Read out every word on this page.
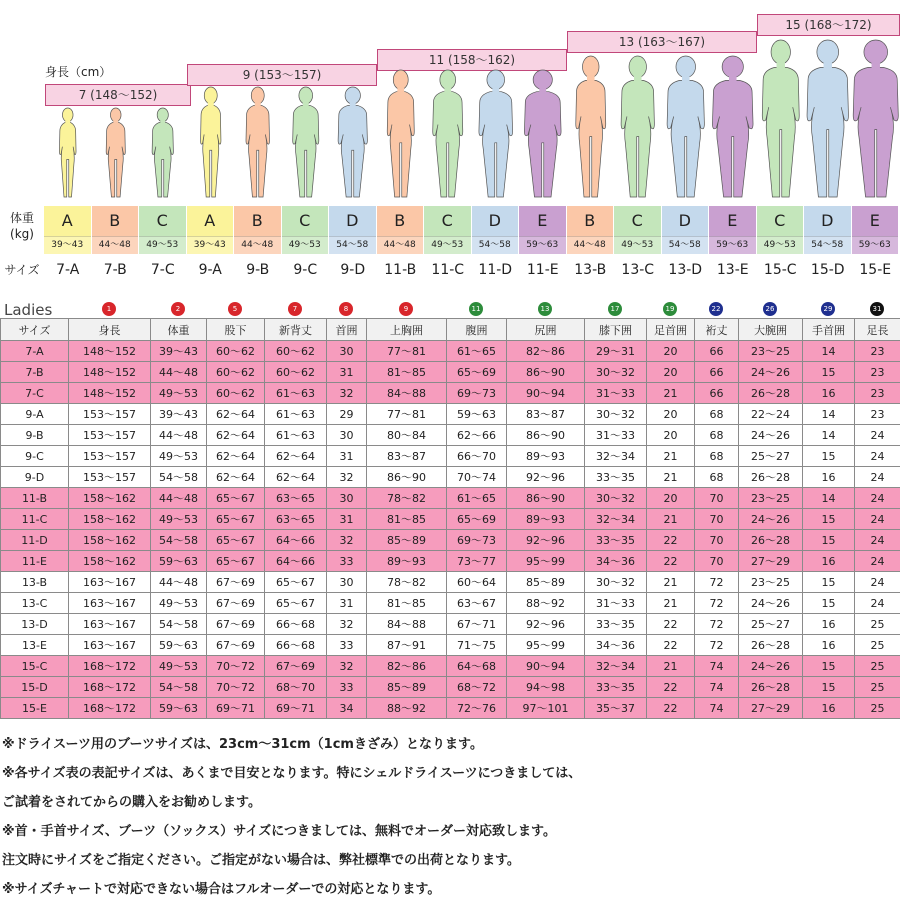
身長（cm）
7 (148〜152)
9 (153〜157)
11 (158〜162)
13 (163〜167)
15 (168〜172)
体重
(kg)
サイズ
A
39〜43
B
44〜48
C
49〜53
A
39〜43
B
44〜48
C
49〜53
D
54〜58
B
44〜48
C
49〜53
D
54〜58
E
59〜63
B
44〜48
C
49〜53
D
54〜58
E
59〜63
C
49〜53
D
54〜58
E
59〜63
7-A	7-B	7-C	9-A	9-B	9-C	9-D	11-B	11-C	11-D	11-E	13-B	13-C	13-D	13-E	15-C	15-D	15-E
Ladies	1	2	5	7	8	9	11	13	17	19	22	26	29	31
サイズ	身長	体重	股下	新背丈	首囲	上胸囲	腹囲	尻囲	膝下囲	足首囲	裄丈	大腕囲	手首囲	足長
7-A	148〜152	39〜43	60〜62	60〜62	30	77〜81	61〜65	82〜86	29〜31	20	66	23〜25	14	23
7-B	148〜152	44〜48	60〜62	60〜62	31	81〜85	65〜69	86〜90	30〜32	20	66	24〜26	15	23
7-C	148〜152	49〜53	60〜62	61〜63	32	84〜88	69〜73	90〜94	31〜33	21	66	26〜28	16	23
9-A	153〜157	39〜43	62〜64	61〜63	29	77〜81	59〜63	83〜87	30〜32	20	68	22〜24	14	23
9-B	153〜157	44〜48	62〜64	61〜63	30	80〜84	62〜66	86〜90	31〜33	20	68	24〜26	14	24
9-C	153〜157	49〜53	62〜64	62〜64	31	83〜87	66〜70	89〜93	32〜34	21	68	25〜27	15	24
9-D	153〜157	54〜58	62〜64	62〜64	32	86〜90	70〜74	92〜96	33〜35	21	68	26〜28	16	24
11-B	158〜162	44〜48	65〜67	63〜65	30	78〜82	61〜65	86〜90	30〜32	20	70	23〜25	14	24
11-C	158〜162	49〜53	65〜67	63〜65	31	81〜85	65〜69	89〜93	32〜34	21	70	24〜26	15	24
11-D	158〜162	54〜58	65〜67	64〜66	32	85〜89	69〜73	92〜96	33〜35	22	70	26〜28	15	24
11-E	158〜162	59〜63	65〜67	64〜66	33	89〜93	73〜77	95〜99	34〜36	22	70	27〜29	16	24
13-B	163〜167	44〜48	67〜69	65〜67	30	78〜82	60〜64	85〜89	30〜32	21	72	23〜25	15	24
13-C	163〜167	49〜53	67〜69	65〜67	31	81〜85	63〜67	88〜92	31〜33	21	72	24〜26	15	24
13-D	163〜167	54〜58	67〜69	66〜68	32	84〜88	67〜71	92〜96	33〜35	22	72	25〜27	16	25
13-E	163〜167	59〜63	67〜69	66〜68	33	87〜91	71〜75	95〜99	34〜36	22	72	26〜28	16	25
15-C	168〜172	49〜53	70〜72	67〜69	32	82〜86	64〜68	90〜94	32〜34	21	74	24〜26	15	25
15-D	168〜172	54〜58	70〜72	68〜70	33	85〜89	68〜72	94〜98	33〜35	22	74	26〜28	15	25
15-E	168〜172	59〜63	69〜71	69〜71	34	88〜92	72〜76	97〜101	35〜37	22	74	27〜29	16	25
※ドライスーツ用のブーツサイズは、23cm〜31cm（1cmきざみ）となります。
※各サイズ表の表記サイズは、あくまで目安となります。特にシェルドライスーツにつきましては、
ご試着をされてからの購入をお勧めします。
※首・手首サイズ、ブーツ（ソックス）サイズにつきましては、無料でオーダー対応致します。
注文時にサイズをご指定ください。ご指定がない場合は、弊社標準での出荷となります。
※サイズチャートで対応できない場合はフルオーダーでの対応となります。
